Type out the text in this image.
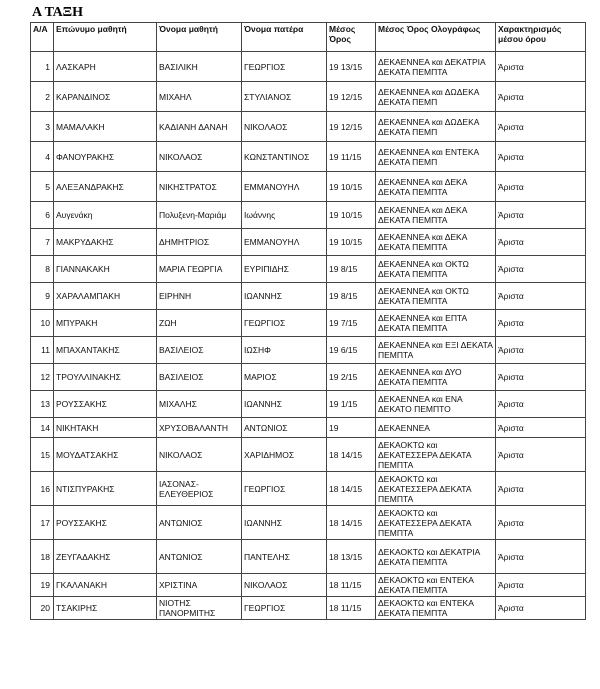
Α ΤΑΞΗ
Α/Α	Επώνυμο μαθητή	Όνομα μαθητή	Όνομα πατέρα	Μέσος Όρος	Μέσος Όρος Ολογράφως	Χαρακτηρισμός μέσου όρου
1	ΛΑΣΚΑΡΗ	ΒΑΣΙΛΙΚΗ	ΓΕΩΡΓΙΟΣ	19 13/15	ΔΕΚΑΕΝΝΕΑ και ΔΕΚΑΤΡΙΑ ΔΕΚΑΤΑ ΠΕΜΠΤΑ	Άριστα
2	ΚΑΡΑΝΔΙΝΟΣ	ΜΙΧΑΗΛ	ΣΤΥΛΙΑΝΟΣ	19 12/15	ΔΕΚΑΕΝΝΕΑ και ΔΩΔΕΚΑ ΔΕΚΑΤΑ ΠΕΜΠ	Άριστα
3	ΜΑΜΑΛΑΚΗ	ΚΑΔΙΑΝΗ ΔΑΝΑΗ	ΝΙΚΟΛΑΟΣ	19 12/15	ΔΕΚΑΕΝΝΕΑ και ΔΩΔΕΚΑ ΔΕΚΑΤΑ ΠΕΜΠ	Άριστα
4	ΦΑΝΟΥΡΑΚΗΣ	ΝΙΚΟΛΑΟΣ	ΚΩΝΣΤΑΝΤΙΝΟΣ	19 11/15	ΔΕΚΑΕΝΝΕΑ και ΕΝΤΕΚΑ ΔΕΚΑΤΑ ΠΕΜΠ	Άριστα
5	ΑΛΕΞΑΝΔΡΑΚΗΣ	ΝΙΚΗΣΤΡΑΤΟΣ	ΕΜΜΑΝΟΥΗΛ	19 10/15	ΔΕΚΑΕΝΝΕΑ και ΔΕΚΑ ΔΕΚΑΤΑ ΠΕΜΠΤΑ	Άριστα
6	Αυγενάκη	Πολυξενη-Μαριάμ	Ιωάννης	19 10/15	ΔΕΚΑΕΝΝΕΑ και ΔΕΚΑ ΔΕΚΑΤΑ ΠΕΜΠΤΑ	Άριστα
7	ΜΑΚΡΥΔΑΚΗΣ	ΔΗΜΗΤΡΙΟΣ	ΕΜΜΑΝΟΥΗΛ	19 10/15	ΔΕΚΑΕΝΝΕΑ και ΔΕΚΑ ΔΕΚΑΤΑ ΠΕΜΠΤΑ	Άριστα
8	ΓΙΑΝΝΑΚΑΚΗ	ΜΑΡΙΑ ΓΕΩΡΓΙΑ	ΕΥΡΙΠΙΔΗΣ	19 8/15	ΔΕΚΑΕΝΝΕΑ και ΟΚΤΩ ΔΕΚΑΤΑ ΠΕΜΠΤΑ	Άριστα
9	ΧΑΡΑΛΑΜΠΑΚΗ	ΕΙΡΗΝΗ	ΙΩΑΝΝΗΣ	19 8/15	ΔΕΚΑΕΝΝΕΑ και ΟΚΤΩ ΔΕΚΑΤΑ ΠΕΜΠΤΑ	Άριστα
10	ΜΠΥΡΑΚΗ	ΖΩΗ	ΓΕΩΡΓΙΟΣ	19 7/15	ΔΕΚΑΕΝΝΕΑ και ΕΠΤΑ ΔΕΚΑΤΑ ΠΕΜΠΤΑ	Άριστα
11	ΜΠΑΧΑΝΤΑΚΗΣ	ΒΑΣΙΛΕΙΟΣ	ΙΩΣΗΦ	19 6/15	ΔΕΚΑΕΝΝΕΑ και ΕΞΙ ΔΕΚΑΤΑ ΠΕΜΠΤΑ	Άριστα
12	ΤΡΟΥΛΛΙΝΑΚΗΣ	ΒΑΣΙΛΕΙΟΣ	ΜΑΡΙΟΣ	19 2/15	ΔΕΚΑΕΝΝΕΑ και ΔΥΟ ΔΕΚΑΤΑ ΠΕΜΠΤΑ	Άριστα
13	ΡΟΥΣΣΑΚΗΣ	ΜΙΧΑΛΗΣ	ΙΩΑΝΝΗΣ	19 1/15	ΔΕΚΑΕΝΝΕΑ και ΕΝΑ ΔΕΚΑΤΟ ΠΕΜΠΤΟ	Άριστα
14	ΝΙΚΗΤΑΚΗ	ΧΡΥΣΟΒΑΛΑΝΤΗ	ΑΝΤΩΝΙΟΣ	19	ΔΕΚΑΕΝΝΕΑ	Άριστα
15	ΜΟΥΔΑΤΣΑΚΗΣ	ΝΙΚΟΛΑΟΣ	ΧΑΡΙΔΗΜΟΣ	18 14/15	ΔΕΚΑΟΚΤΩ και ΔΕΚΑΤΕΣΣΕΡΑ ΔΕΚΑΤΑ ΠΕΜΠΤΑ	Άριστα
16	ΝΤΙΣΠΥΡΑΚΗΣ	ΙΑΣΟΝΑΣ-ΕΛΕΥΘΕΡΙΟΣ	ΓΕΩΡΓΙΟΣ	18 14/15	ΔΕΚΑΟΚΤΩ και ΔΕΚΑΤΕΣΣΕΡΑ ΔΕΚΑΤΑ ΠΕΜΠΤΑ	Άριστα
17	ΡΟΥΣΣΑΚΗΣ	ΑΝΤΩΝΙΟΣ	ΙΩΑΝΝΗΣ	18 14/15	ΔΕΚΑΟΚΤΩ και ΔΕΚΑΤΕΣΣΕΡΑ ΔΕΚΑΤΑ ΠΕΜΠΤΑ	Άριστα
18	ΖΕΥΓΑΔΑΚΗΣ	ΑΝΤΩΝΙΟΣ	ΠΑΝΤΕΛΗΣ	18 13/15	ΔΕΚΑΟΚΤΩ και ΔΕΚΑΤΡΙΑ ΔΕΚΑΤΑ ΠΕΜΠΤΑ	Άριστα
19	ΓΚΑΛΑΝΑΚΗ	ΧΡΙΣΤΙΝΑ	ΝΙΚΟΛΑΟΣ	18 11/15	ΔΕΚΑΟΚΤΩ και ΕΝΤΕΚΑ ΔΕΚΑΤΑ ΠΕΜΠΤΑ	Άριστα
20	ΤΣΑΚΙΡΗΣ	ΝΙΟΤΗΣ ΠΑΝΟΡΜΙΤΗΣ	ΓΕΩΡΓΙΟΣ	18 11/15	ΔΕΚΑΟΚΤΩ και ΕΝΤΕΚΑ ΔΕΚΑΤΑ ΠΕΜΠΤΑ	Άριστα
